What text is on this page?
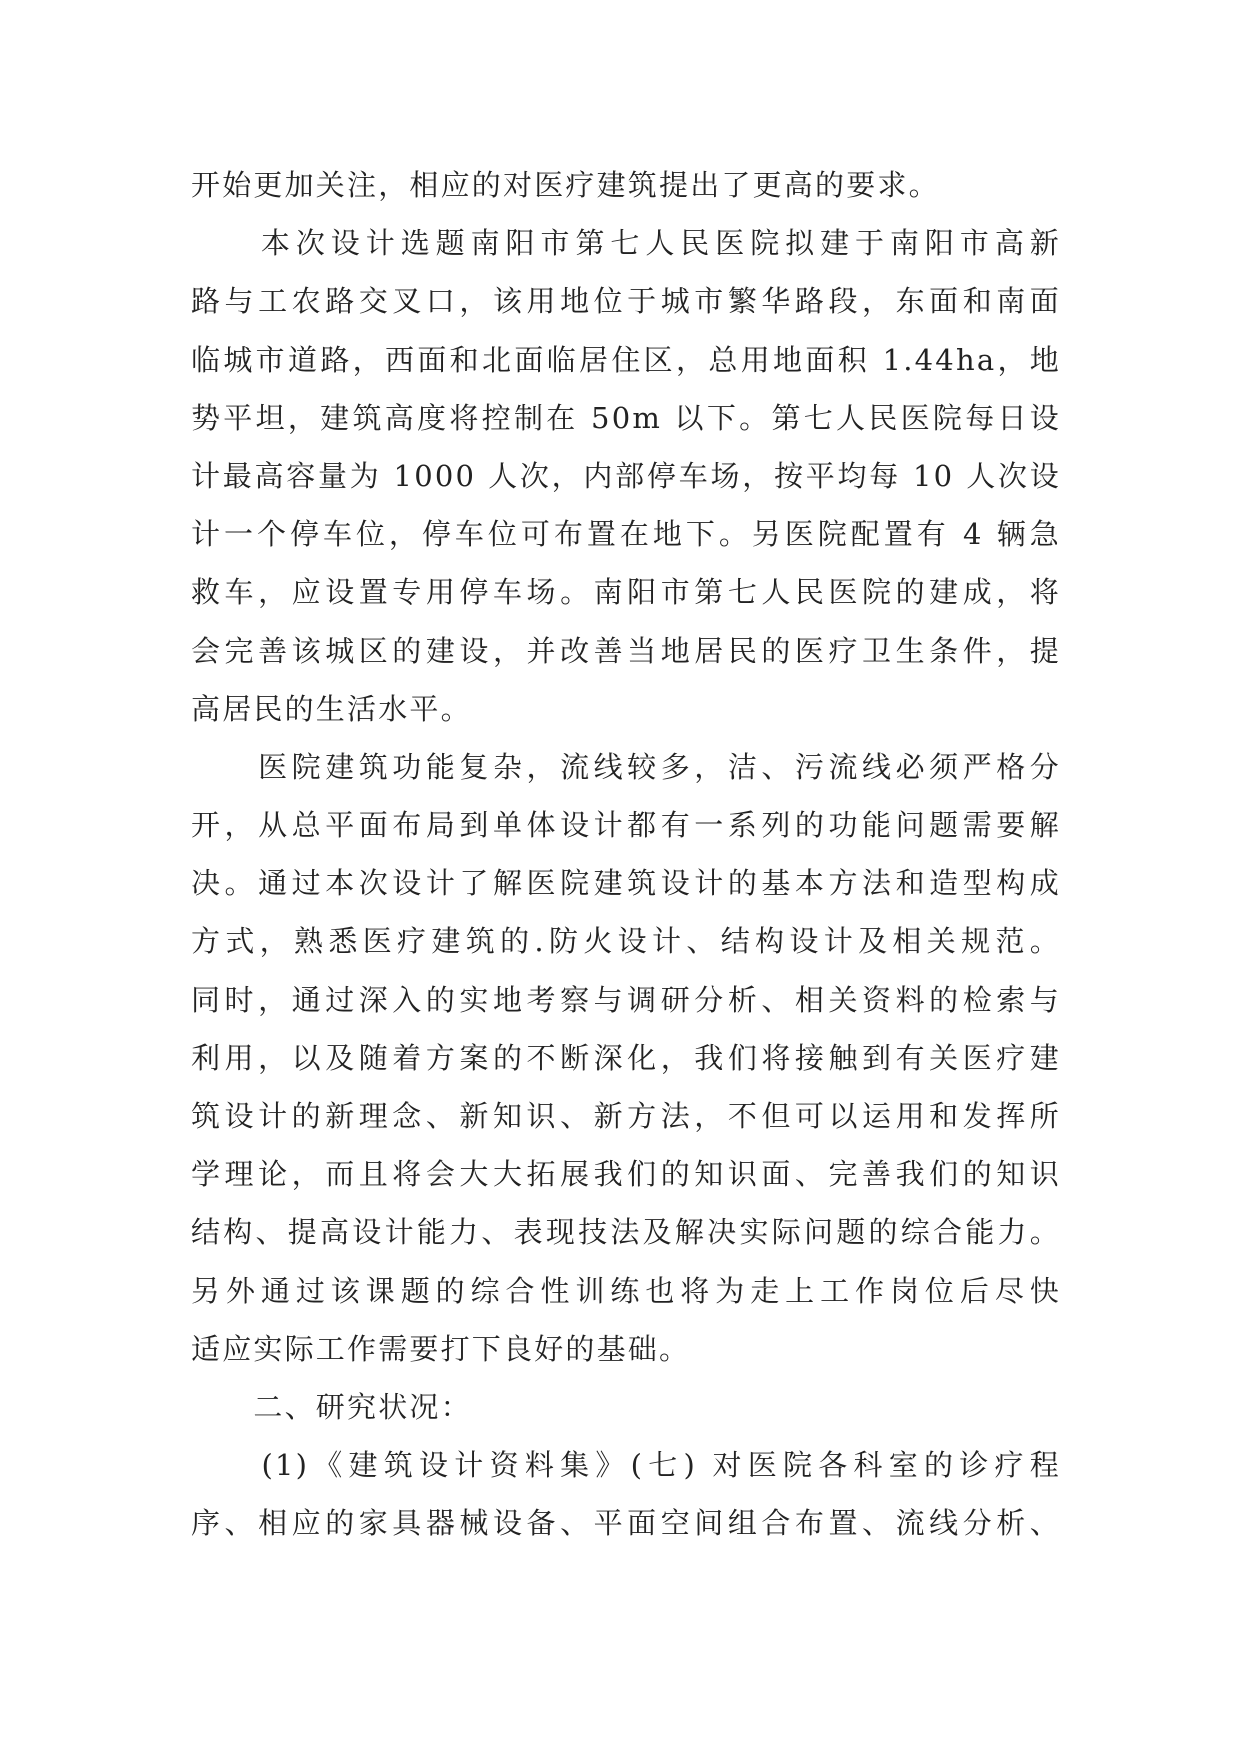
开始更加关注，相应的对医疗建筑提出了更高的要求。
　　本次设计选题南阳市第七人民医院拟建于南阳市高新
路与工农路交叉口，该用地位于城市繁华路段，东面和南面
临城市道路，西面和北面临居住区，总用地面积 1.44ha，地
势平坦，建筑高度将控制在 50m 以下。第七人民医院每日设
计最高容量为 1000 人次，内部停车场，按平均每 10 人次设
计一个停车位，停车位可布置在地下。另医院配置有 4 辆急
救车，应设置专用停车场。南阳市第七人民医院的建成，将
会完善该城区的建设，并改善当地居民的医疗卫生条件，提
高居民的生活水平。
　　医院建筑功能复杂，流线较多，洁、污流线必须严格分
开，从总平面布局到单体设计都有一系列的功能问题需要解
决。通过本次设计了解医院建筑设计的基本方法和造型构成
方式，熟悉医疗建筑的.防火设计、结构设计及相关规范。
同时，通过深入的实地考察与调研分析、相关资料的检索与
利用，以及随着方案的不断深化，我们将接触到有关医疗建
筑设计的新理念、新知识、新方法，不但可以运用和发挥所
学理论，而且将会大大拓展我们的知识面、完善我们的知识
结构、提高设计能力、表现技法及解决实际问题的综合能力。
另外通过该课题的综合性训练也将为走上工作岗位后尽快
适应实际工作需要打下良好的基础。
　　二、研究状况：
　　(1)《建筑设计资料集》(七) 对医院各科室的诊疗程
序、相应的家具器械设备、平面空间组合布置、流线分析、
